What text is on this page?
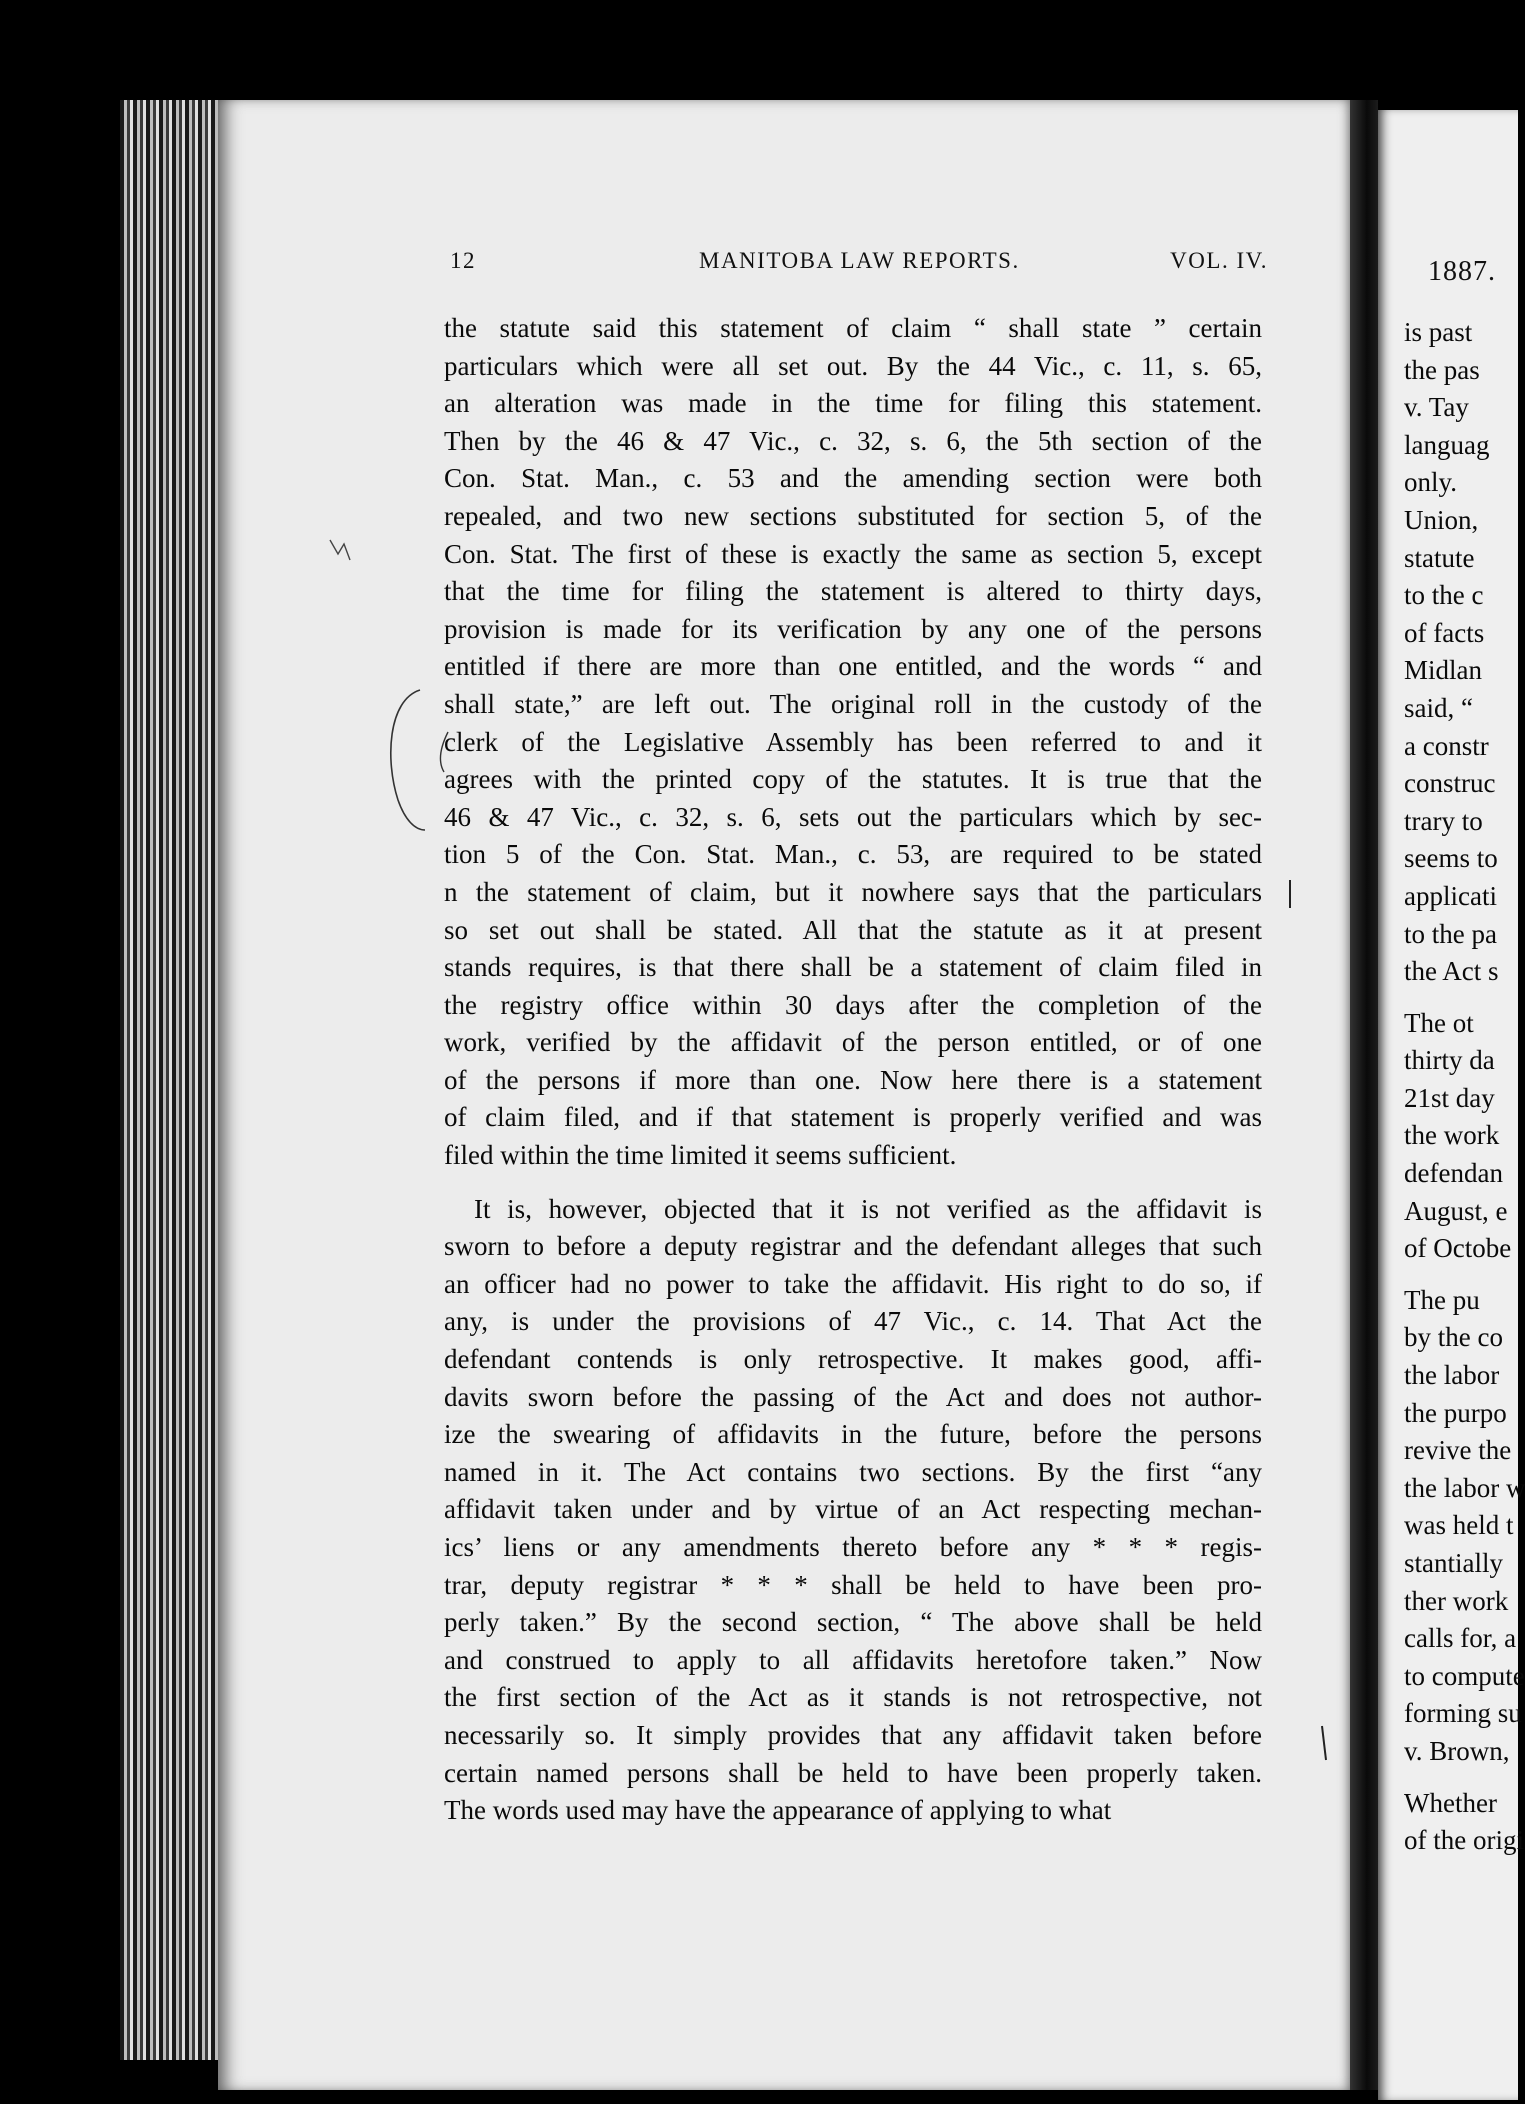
12	MANITOBA LAW REPORTS.	VOL. IV.
the statute said this statement of claim “ shall state ” certain
particulars which were all set out. By the 44 Vic., c. 11, s. 65,
an alteration was made in the time for filing this statement.
Then by the 46 & 47 Vic., c. 32, s. 6, the 5th section of the
Con. Stat. Man., c. 53 and the amending section were both
repealed, and two new sections substituted for section 5, of the
Con. Stat. The first of these is exactly the same as section 5, except
that the time for filing the statement is altered to thirty days,
provision is made for its verification by any one of the persons
entitled if there are more than one entitled, and the words “ and
shall state,” are left out. The original roll in the custody of the
clerk of the Legislative Assembly has been referred to and it
agrees with the printed copy of the statutes. It is true that the
46 & 47 Vic., c. 32, s. 6, sets out the particulars which by sec-
tion 5 of the Con. Stat. Man., c. 53, are required to be stated
n the statement of claim, but it nowhere says that the particulars
so set out shall be stated. All that the statute as it at present
stands requires, is that there shall be a statement of claim filed in
the registry office within 30 days after the completion of the
work, verified by the affidavit of the person entitled, or of one
of the persons if more than one. Now here there is a statement
of claim filed, and if that statement is properly verified and was
filed within the time limited it seems sufficient.
It is, however, objected that it is not verified as the affidavit is
sworn to before a deputy registrar and the defendant alleges that such
an officer had no power to take the affidavit. His right to do so, if
any, is under the provisions of 47 Vic., c. 14. That Act the
defendant contends is only retrospective. It makes good, affi-
davits sworn before the passing of the Act and does not author-
ize the swearing of affidavits in the future, before the persons
named in it. The Act contains two sections. By the first “any
affidavit taken under and by virtue of an Act respecting mechan-
ics’ liens or any amendments thereto before any * * * regis-
trar, deputy registrar * * * shall be held to have been pro-
perly taken.” By the second section, “ The above shall be held
and construed to apply to all affidavits heretofore taken.” Now
the first section of the Act as it stands is not retrospective, not
necessarily so. It simply provides that any affidavit taken before
certain named persons shall be held to have been properly taken.
The words used may have the appearance of applying to what
1887.
is past
the pas
v. Tay
languag
only.
Union,
statute
to the c
of facts
Midlan
said, “
a constr
construc
trary to
seems to
applicati
to the pa
the Act s
The ot
thirty da
21st day
the work
defendan
August, e
of Octobe
The pu
by the co
the labor
the purpo
revive the
the labor w
was held t
stantially
ther work
calls for, a
to compute
forming su
v. Brown,
Whether
of the origi
